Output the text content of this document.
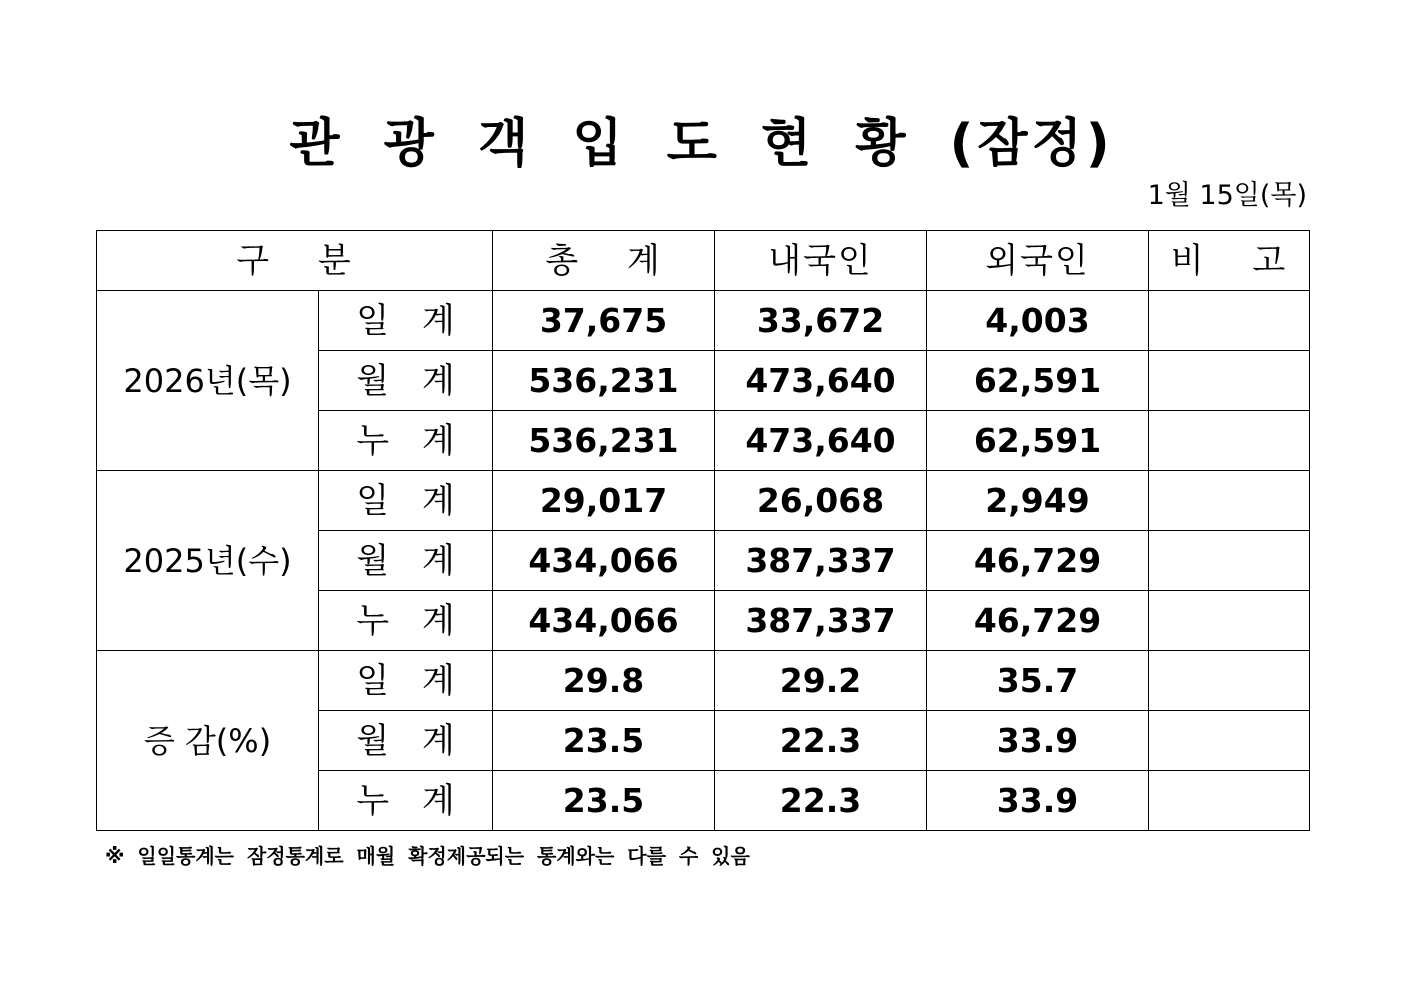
관 광 객 입 도 현 황 (잠정)
1월 15일(목)
구 분		총 계	내국인	외국인	비 고
2026년(목)	일 계	37,675	33,672	4,003	
	월 계	536,231	473,640	62,591	
	누 계	536,231	473,640	62,591	
2025년(수)	일 계	29,017	26,068	2,949	
	월 계	434,066	387,337	46,729	
	누 계	434,066	387,337	46,729	
증 감(%)	일 계	29.8	29.2	35.7	
	월 계	23.5	22.3	33.9	
	누 계	23.5	22.3	33.9	
※ 일일통계는 잠정통계로 매월 확정제공되는 통계와는 다를 수 있음
